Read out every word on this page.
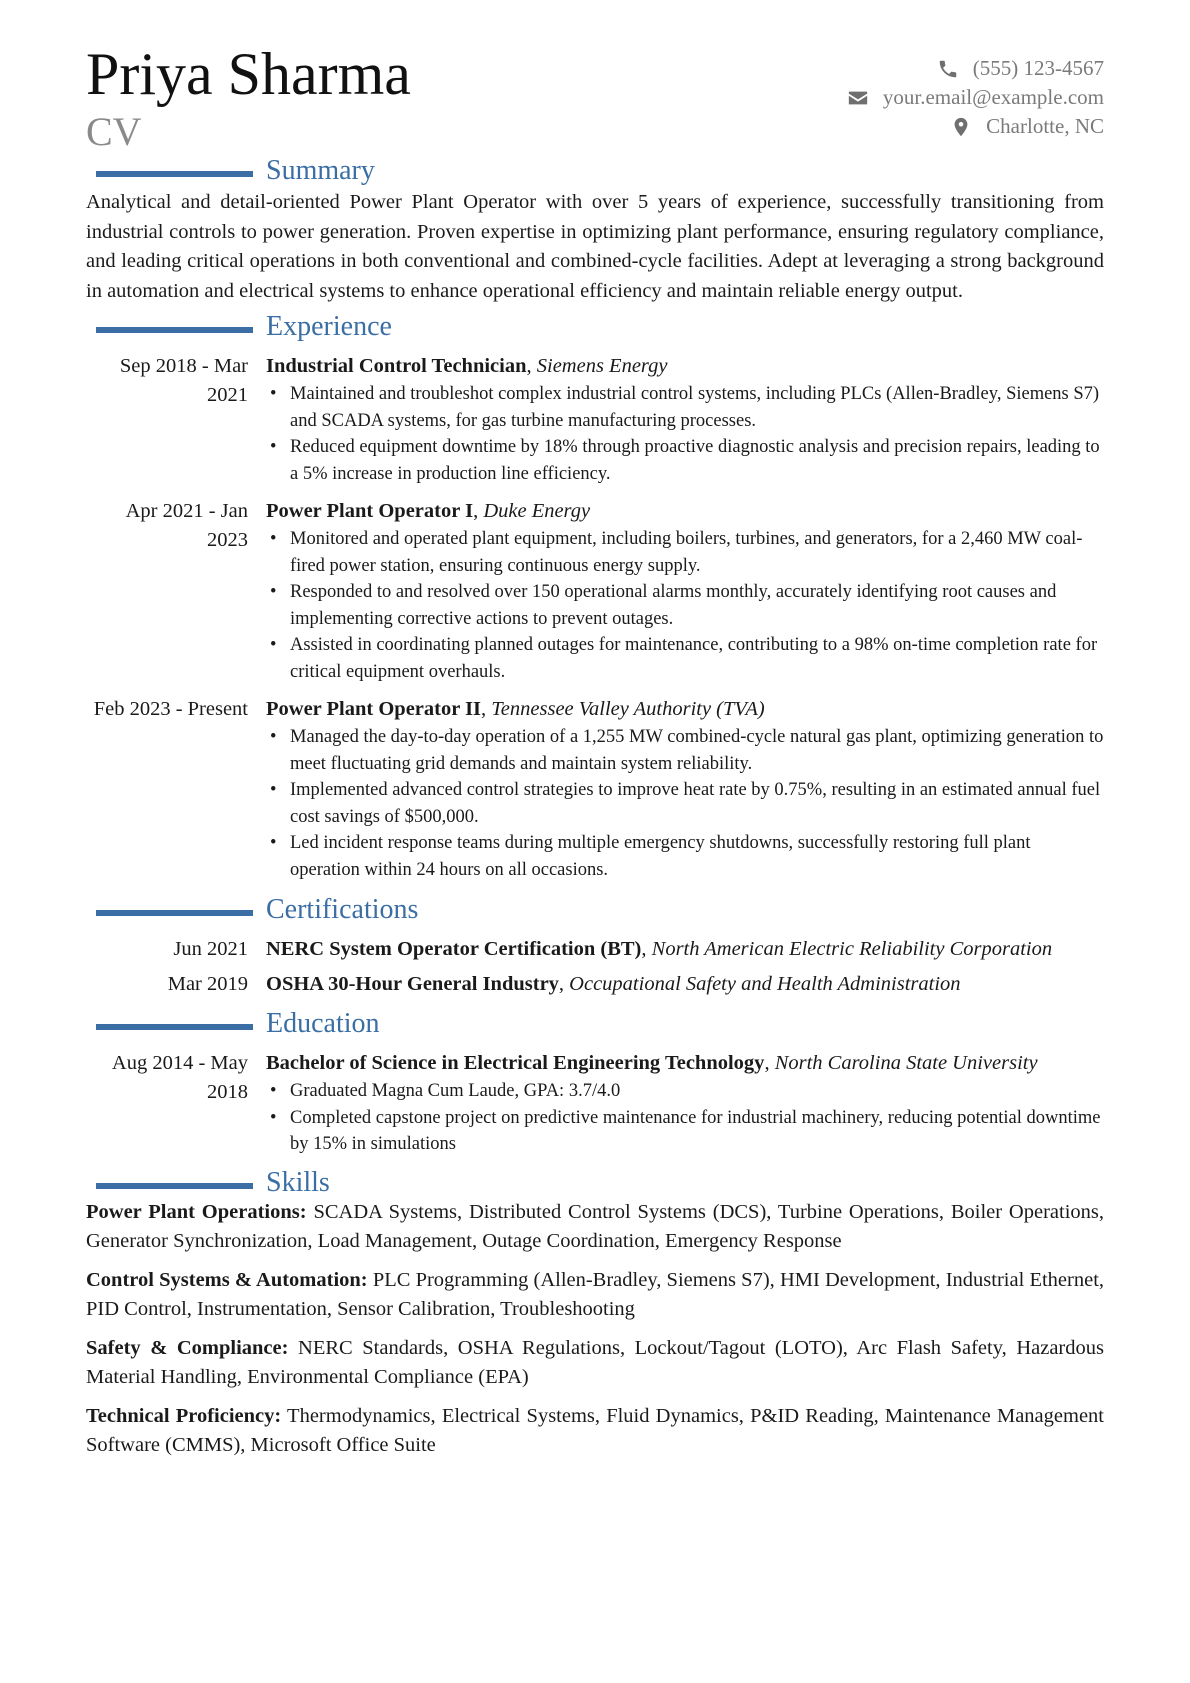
Priya Sharma
CV
(555) 123-4567
your.email@example.com
Charlotte, NC
Summary
Analytical and detail-oriented Power Plant Operator with over 5 years of experience, successfully transitioning from industrial controls to power generation. Proven expertise in optimizing plant performance, ensuring regulatory compliance, and leading critical operations in both conventional and combined-cycle facilities. Adept at leveraging a strong background in automation and electrical systems to enhance operational efficiency and maintain reliable energy output.
Experience
Sep 2018 - Mar 2021
Industrial Control Technician, Siemens Energy
• Maintained and troubleshot complex industrial control systems, including PLCs (Allen-Bradley, Siemens S7) and SCADA systems, for gas turbine manufacturing processes.
• Reduced equipment downtime by 18% through proactive diagnostic analysis and precision repairs, leading to a 5% increase in production line efficiency.
Apr 2021 - Jan 2023
Power Plant Operator I, Duke Energy
• Monitored and operated plant equipment, including boilers, turbines, and generators, for a 2,460 MW coal-fired power station, ensuring continuous energy supply.
• Responded to and resolved over 150 operational alarms monthly, accurately identifying root causes and implementing corrective actions to prevent outages.
• Assisted in coordinating planned outages for maintenance, contributing to a 98% on-time completion rate for critical equipment overhauls.
Feb 2023 - Present Power Plant Operator II, Tennessee Valley Authority (TVA)
• Managed the day-to-day operation of a 1,255 MW combined-cycle natural gas plant, optimizing generation to meet fluctuating grid demands and maintain system reliability.
• Implemented advanced control strategies to improve heat rate by 0.75%, resulting in an estimated annual fuel cost savings of $500,000.
• Led incident response teams during multiple emergency shutdowns, successfully restoring full plant operation within 24 hours on all occasions.
Certifications
Jun 2021 NERC System Operator Certification (BT), North American Electric Reliability Corporation
Mar 2019 OSHA 30-Hour General Industry, Occupational Safety and Health Administration
Education
Aug 2014 - May 2018
Bachelor of Science in Electrical Engineering Technology, North Carolina State University
• Graduated Magna Cum Laude, GPA: 3.7/4.0
• Completed capstone project on predictive maintenance for industrial machinery, reducing potential downtime by 15% in simulations
Skills
Power Plant Operations: SCADA Systems, Distributed Control Systems (DCS), Turbine Operations, Boiler Operations, Generator Synchronization, Load Management, Outage Coordination, Emergency Response
Control Systems & Automation: PLC Programming (Allen-Bradley, Siemens S7), HMI Development, Industrial Ethernet, PID Control, Instrumentation, Sensor Calibration, Troubleshooting
Safety & Compliance: NERC Standards, OSHA Regulations, Lockout/Tagout (LOTO), Arc Flash Safety, Hazardous Material Handling, Environmental Compliance (EPA)
Technical Proficiency: Thermodynamics, Electrical Systems, Fluid Dynamics, P&ID Reading, Maintenance Management Software (CMMS), Microsoft Office Suite
